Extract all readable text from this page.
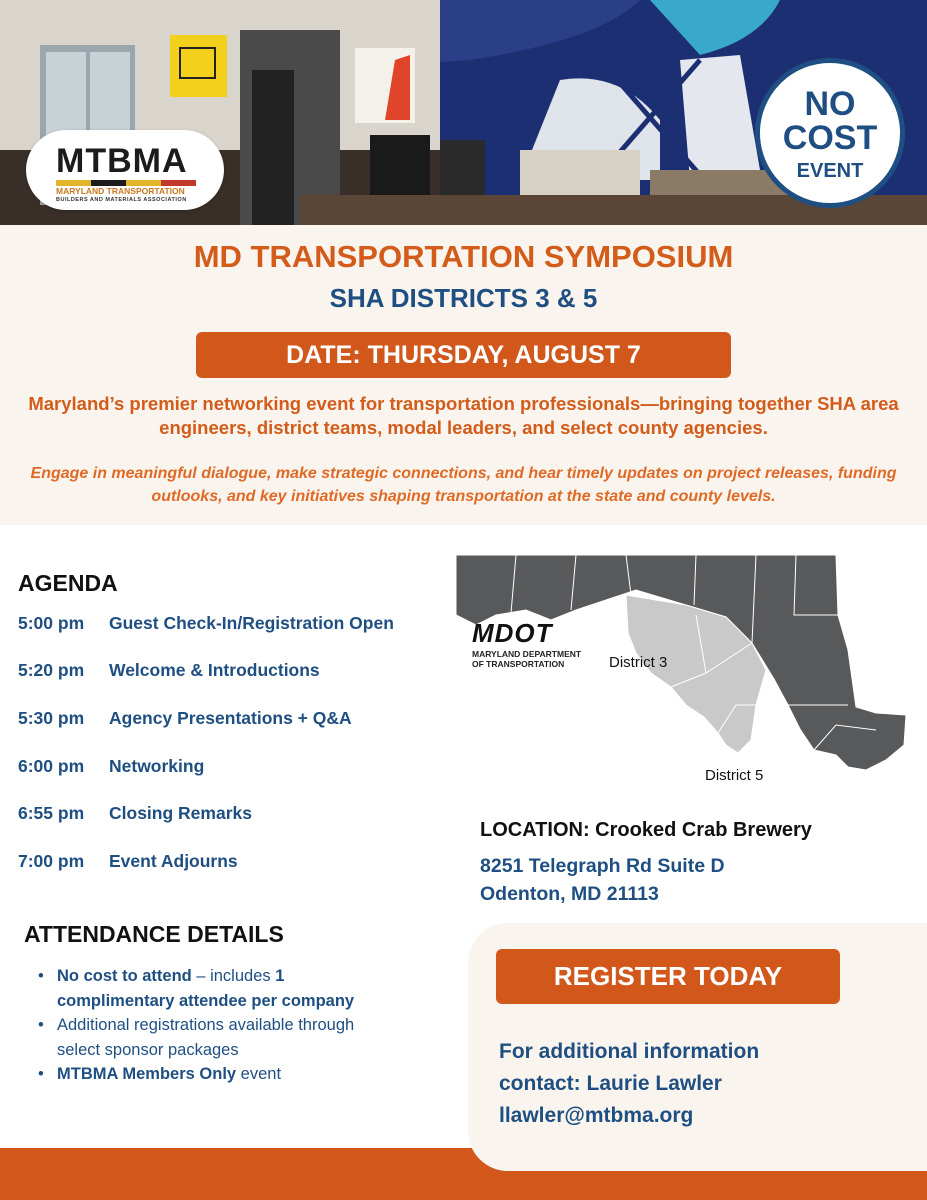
MTBMA
MARYLAND TRANSPORTATION
BUILDERS AND MATERIALS ASSOCIATION
NO
COST
EVENT
MD TRANSPORTATION SYMPOSIUM
SHA DISTRICTS 3 & 5
DATE: THURSDAY, AUGUST 7
Maryland’s premier networking event for transportation professionals—bringing together SHA area engineers, district teams, modal leaders, and select county agencies.
Engage in meaningful dialogue, make strategic connections, and hear timely updates on project releases, funding outlooks, and key initiatives shaping transportation at the state and county levels.
AGENDA
5:00 pm Guest Check-In/Registration Open
5:20 pm Welcome & Introductions
5:30 pm Agency Presentations + Q&A
6:00 pm Networking
6:55 pm Closing Remarks
7:00 pm Event Adjourns
MDOT
MARYLAND DEPARTMENT
OF TRANSPORTATION	District 3
District 5
LOCATION: Crooked Crab Brewery
8251 Telegraph Rd Suite D
Odenton, MD 21113
ATTENDANCE DETAILS
• No cost to attend – includes 1 complimentary attendee per company
• Additional registrations available through select sponsor packages
• MTBMA Members Only event
REGISTER TODAY
For additional information
contact: Laurie Lawler
llawler@mtbma.org
